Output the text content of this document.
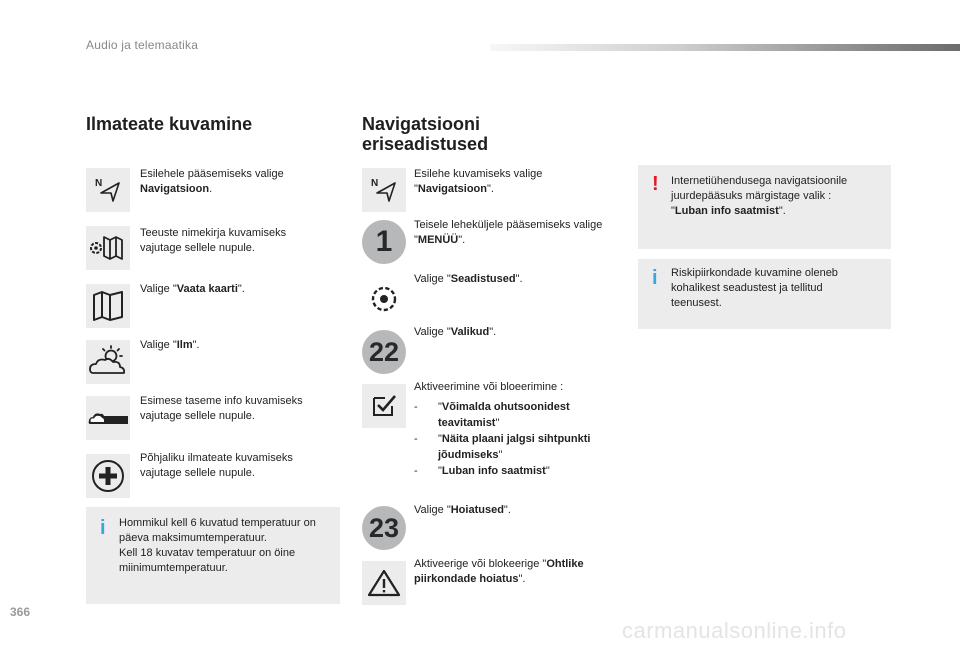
Audio ja telemaatika
Ilmateate kuvamine
N
Esilehele pääsemiseks valige
Navigatsioon.
Teeuste nimekirja kuvamiseks vajutage sellele nupule.
Valige "Vaata kaarti".
Valige "Ilm".
Esimese taseme info kuvamiseks vajutage sellele nupule.
Põhjaliku ilmateate kuvamiseks vajutage sellele nupule.
i Hommikul kell 6 kuvatud temperatuur on päeva maksimumtemperatuur.
Kell 18 kuvatav temperatuur on öine miinimumtemperatuur.
Navigatsiooni
eriseadistused
N
Esilehe kuvamiseks valige "Navigatsioon".
1	Teisele leheküljele pääsemiseks valige "MENÜÜ".
Valige "Seadistused".
22
Valige "Valikud".
Aktiveerimine või bloeerimine :
- "Võimalda ohutsoonidest teavitamist"
- "Näita plaani jalgsi sihtpunkti jõudmiseks"
- "Luban info saatmist"
23
Valige "Hoiatused".
Aktiveerige või blokeerige "Ohtlike piirkondade hoiatus".
! Internetiühendusega navigatsioonile juurdepääsuks märgistage valik :
"Luban info saatmist".
i Riskipiirkondade kuvamine oleneb kohalikest seadustest ja tellitud teenusest.
366
carmanualsonline.info
